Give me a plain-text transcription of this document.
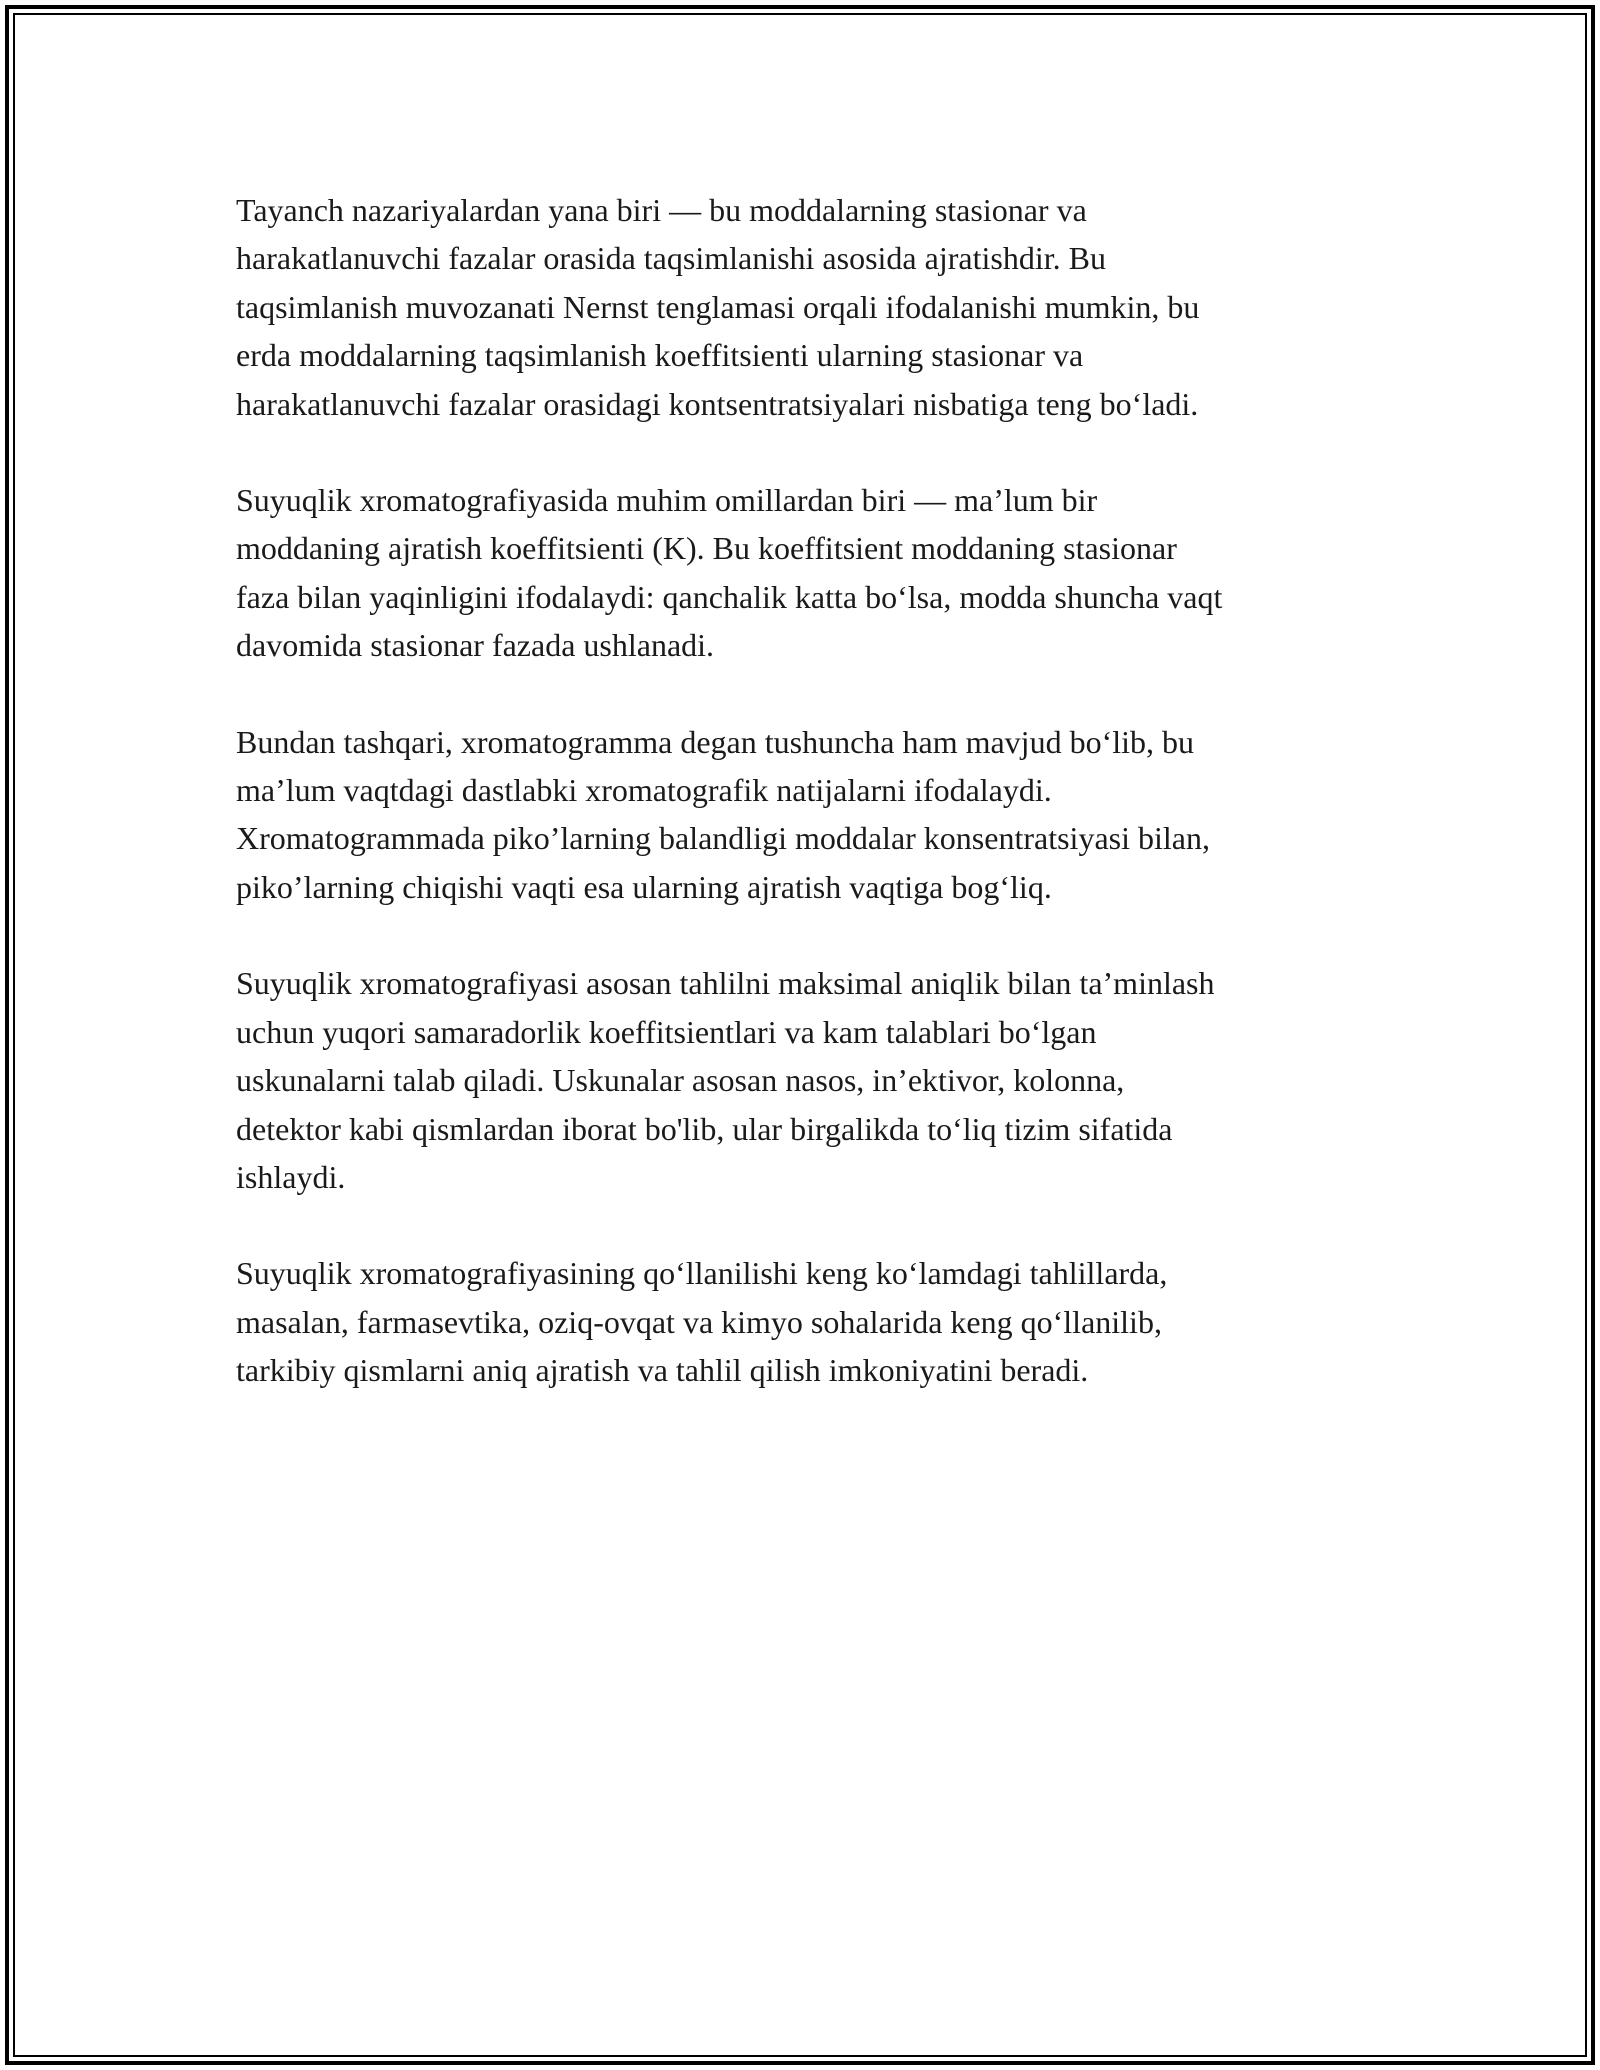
Tayanch nazariyalardan yana biri — bu moddalarning stasionar va
harakatlanuvchi fazalar orasida taqsimlanishi asosida ajratishdir. Bu
taqsimlanish muvozanati Nernst tenglamasi orqali ifodalanishi mumkin, bu
erda moddalarning taqsimlanish koeffitsienti ularning stasionar va
harakatlanuvchi fazalar orasidagi kontsentratsiyalari nisbatiga teng boʻladi.

Suyuqlik xromatografiyasida muhim omillardan biri — maʼlum bir
moddaning ajratish koeffitsienti (K). Bu koeffitsient moddaning stasionar
faza bilan yaqinligini ifodalaydi: qanchalik katta boʻlsa, modda shuncha vaqt
davomida stasionar fazada ushlanadi.

Bundan tashqari, xromatogramma degan tushuncha ham mavjud boʻlib, bu
maʼlum vaqtdagi dastlabki xromatografik natijalarni ifodalaydi.
Xromatogrammada pikoʼlarning balandligi moddalar konsentratsiyasi bilan,
pikoʼlarning chiqishi vaqti esa ularning ajratish vaqtiga bogʻliq.

Suyuqlik xromatografiyasi asosan tahlilni maksimal aniqlik bilan taʼminlash
uchun yuqori samaradorlik koeffitsientlari va kam talablari boʻlgan
uskunalarni talab qiladi. Uskunalar asosan nasos, inʼektivor, kolonna,
detektor kabi qismlardan iborat bo'lib, ular birgalikda toʻliq tizim sifatida
ishlaydi.

Suyuqlik xromatografiyasining qoʻllanilishi keng koʻlamdagi tahlillarda,
masalan, farmasevtika, oziq-ovqat va kimyo sohalarida keng qoʻllanilib,
tarkibiy qismlarni aniq ajratish va tahlil qilish imkoniyatini beradi.
